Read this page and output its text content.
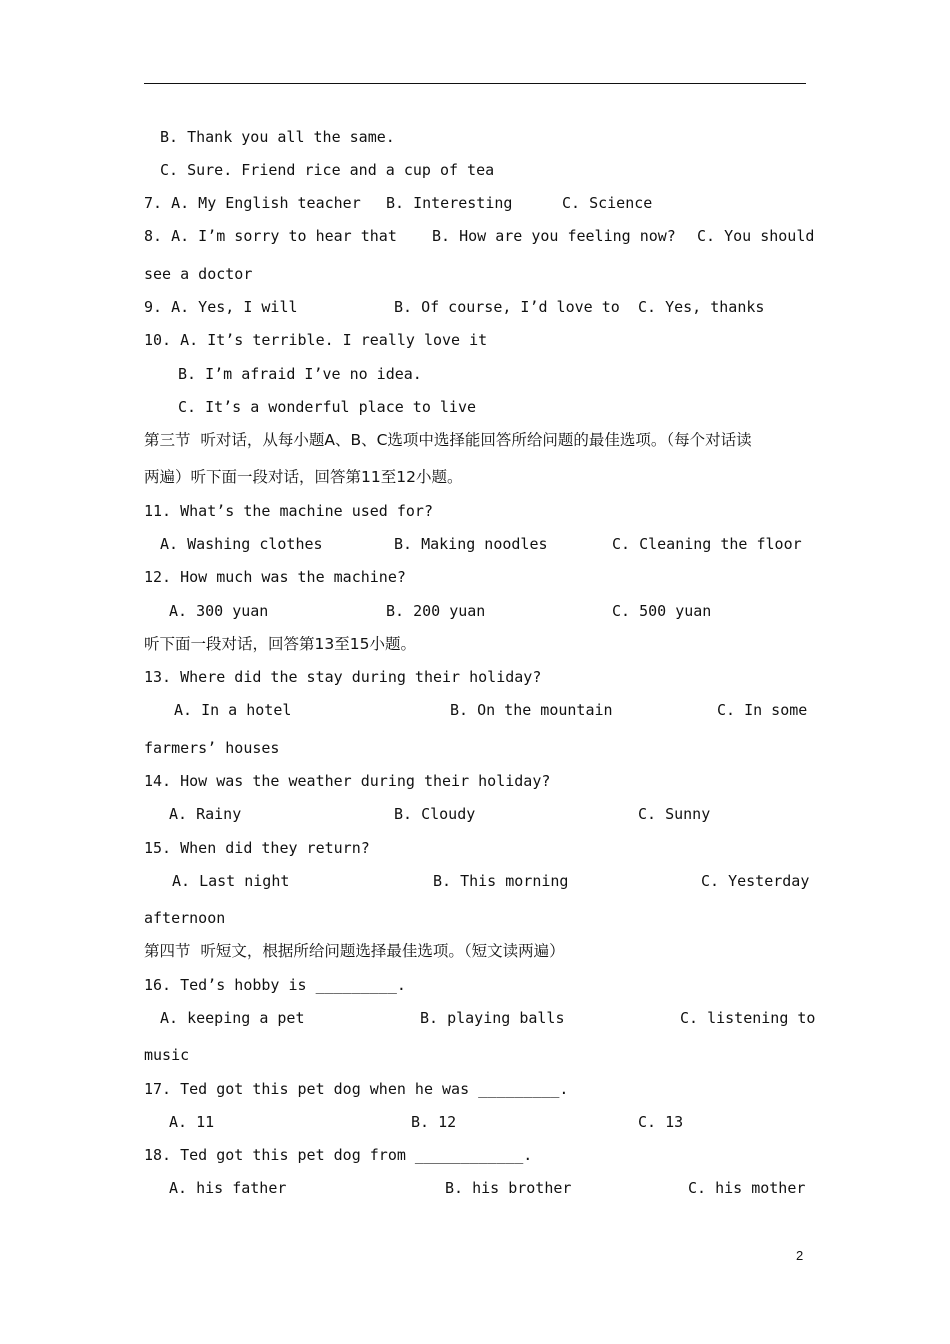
B. Thank you all the same.
C. Sure. Friend rice and a cup of tea
7. A. My English teacher B. Interesting	C. Science
8. A. I’m sorry to hear that B. How are you feeling now? C. You should
see a doctor
9. A. Yes, I will	B. Of course, I’d love to C. Yes, thanks
10. A. It’s terrible. I really love it
B. I’m afraid I’ve no idea.
C. It’s a wonderful place to live
第三节  听对话，从每小题A、B、C选项中选择能回答所给问题的最佳选项。（每个对话读
两遍）听下面一段对话，回答第11至12小题。
11. What’s the machine used for?
A. Washing clothes	B. Making noodles	C. Cleaning the floor
12. How much was the machine?
A. 300 yuan	B. 200 yuan	C. 500 yuan
听下面一段对话，回答第13至15小题。
13. Where did the stay during their holiday?
A. In a hotel	B. On the mountain	C. In some
farmers’ houses
14. How was the weather during their holiday?
A. Rainy	B. Cloudy	C. Sunny
15. When did they return?
A. Last night	B. This morning	C. Yesterday
afternoon
第四节  听短文，根据所给问题选择最佳选项。（短文读两遍）
16. Ted’s hobby is _________.
A. keeping a pet	B. playing balls	C. listening to
music
17. Ted got this pet dog when he was _________.
A. 11	B. 12	C. 13
18. Ted got this pet dog from ____________.
A. his father	B. his brother	C. his mother
2
